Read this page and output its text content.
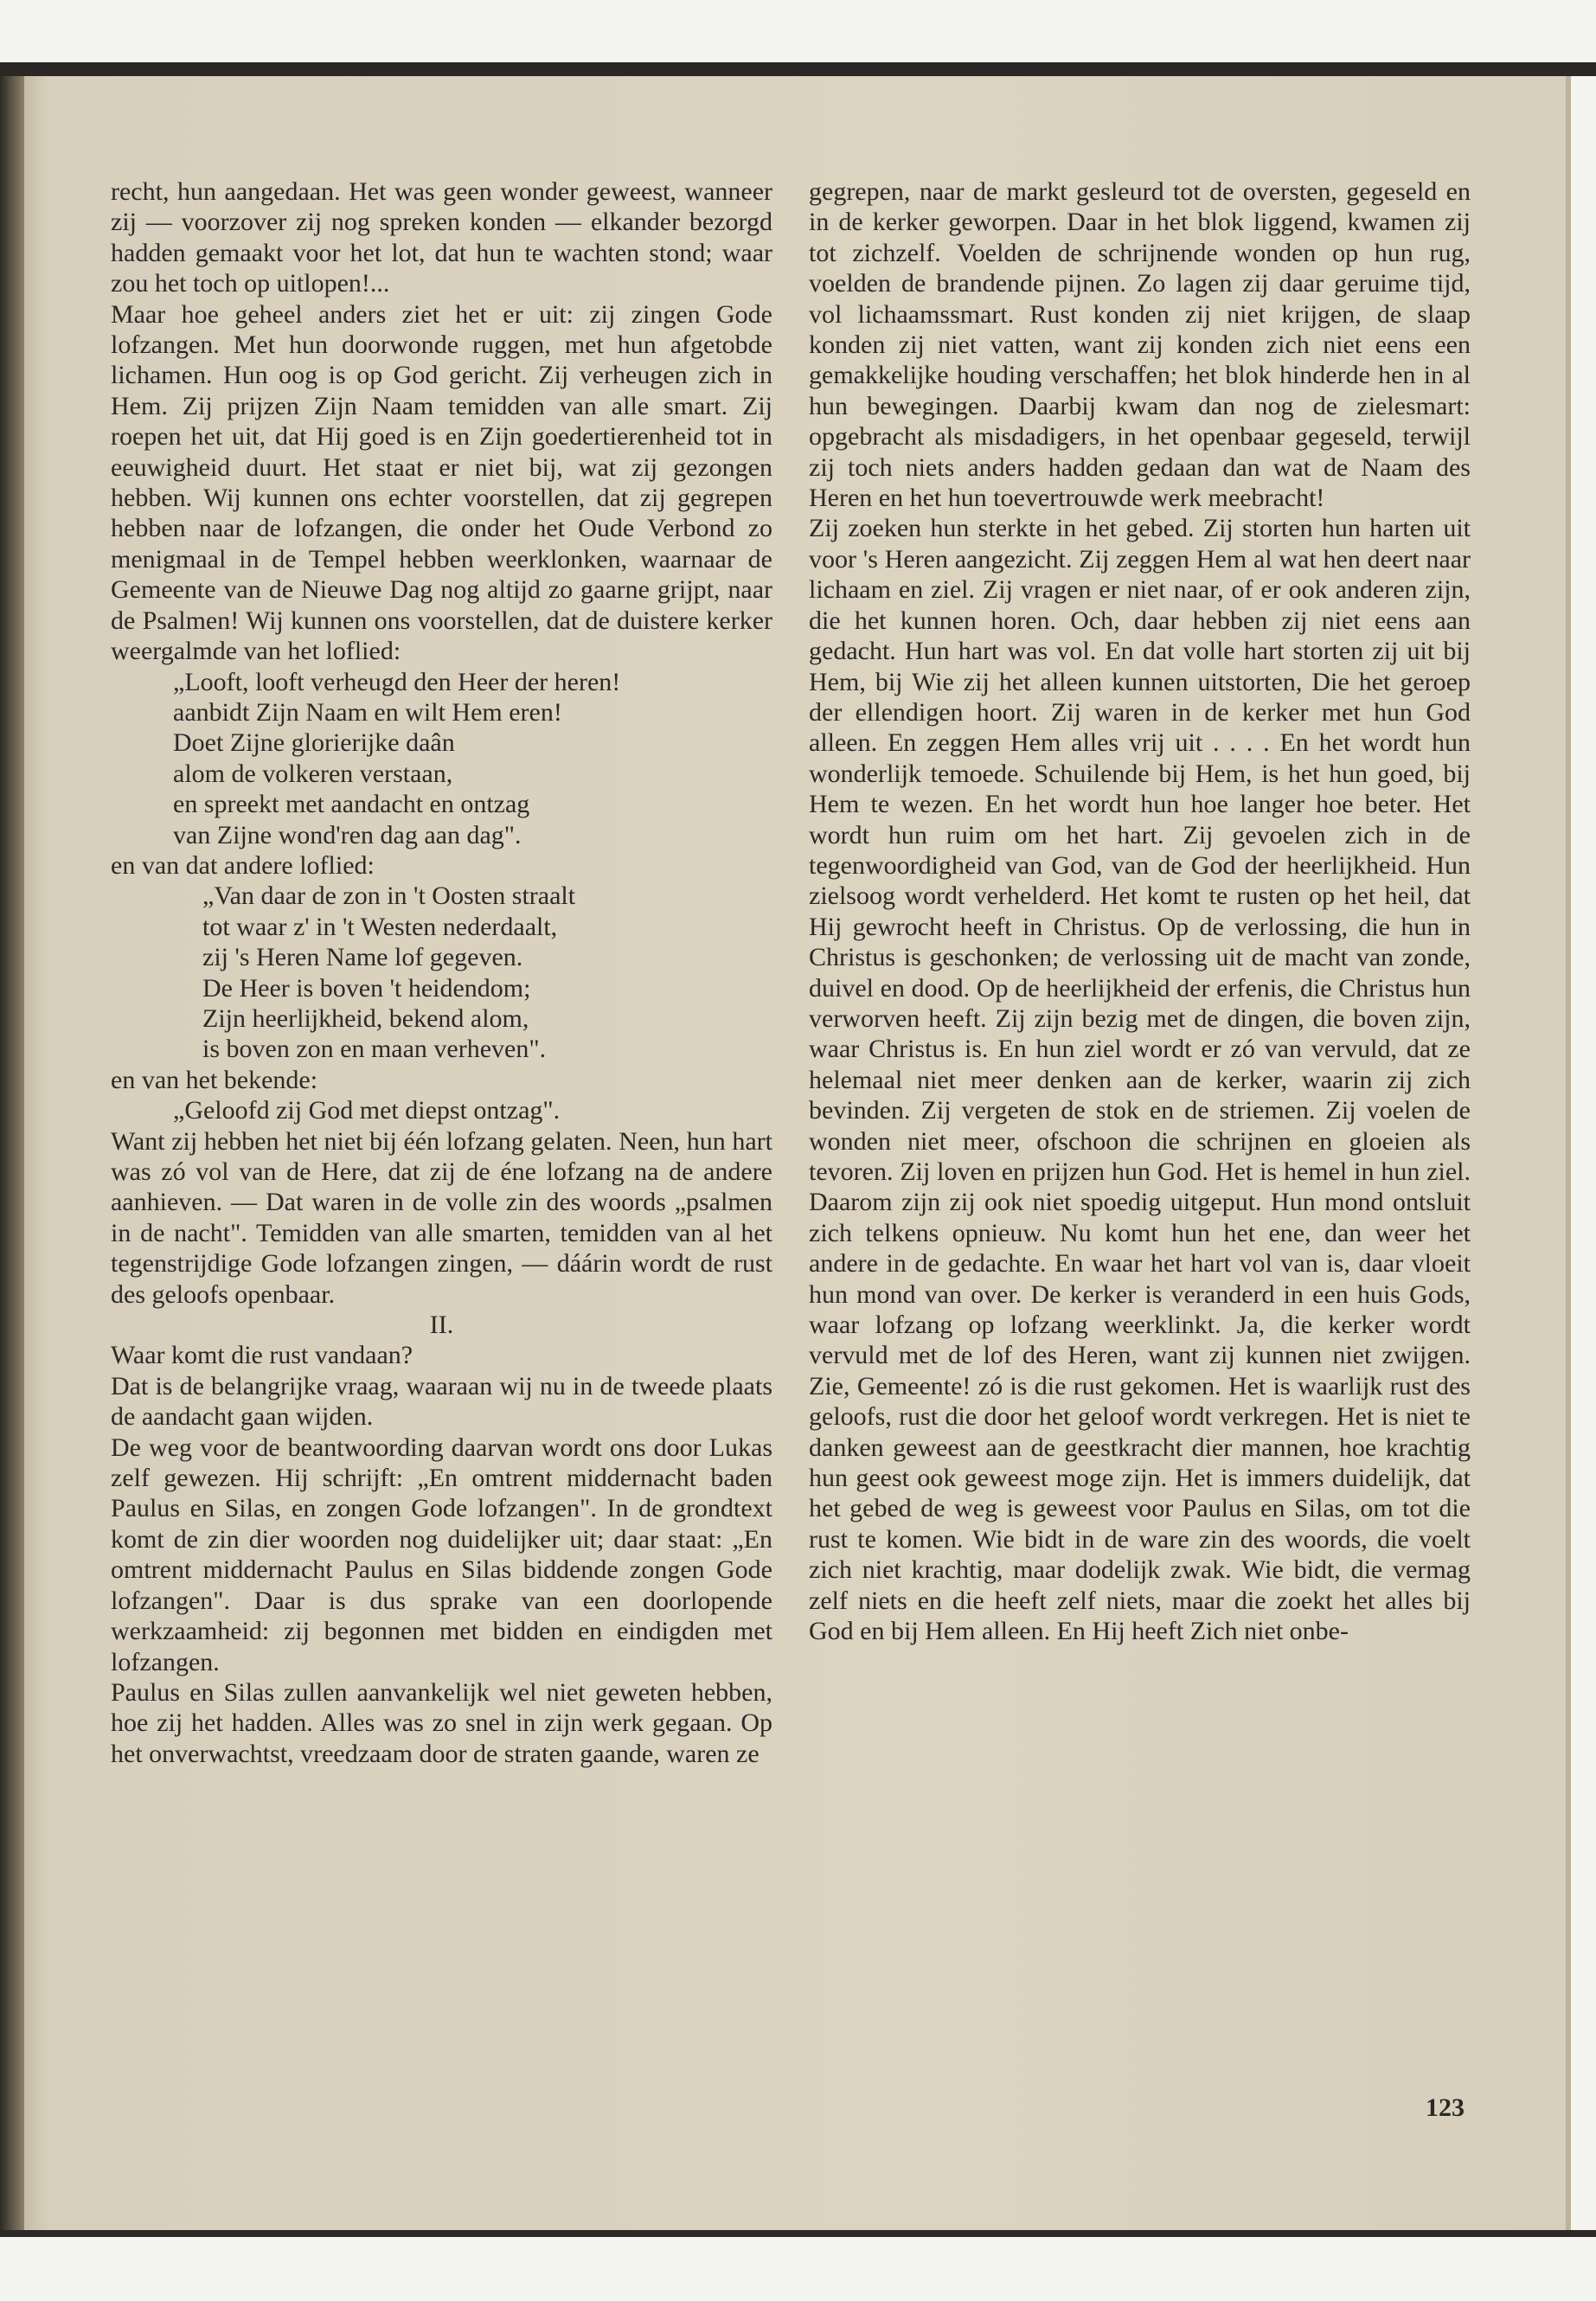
recht, hun aangedaan. Het was geen wonder geweest, wanneer zij — voorzover zij nog spreken konden — elkander bezorgd hadden gemaakt voor het lot, dat hun te wachten stond; waar zou het toch op uitlopen!...

Maar hoe geheel anders ziet het er uit: zij zingen Gode lofzangen. Met hun doorwonde ruggen, met hun afgetobde lichamen. Hun oog is op God gericht. Zij verheugen zich in Hem. Zij prijzen Zijn Naam temidden van alle smart. Zij roepen het uit, dat Hij goed is en Zijn goedertierenheid tot in eeuwigheid duurt. Het staat er niet bij, wat zij gezongen hebben. Wij kunnen ons echter voorstellen, dat zij gegrepen hebben naar de lofzangen, die onder het Oude Verbond zo menigmaal in de Tempel hebben weerklonken, waarnaar de Gemeente van de Nieuwe Dag nog altijd zo gaarne grijpt, naar de Psalmen! Wij kunnen ons voorstellen, dat de duistere kerker weergalmde van het loflied:

„Looft, looft verheugd den Heer der heren!
aanbidt Zijn Naam en wilt Hem eren!
Doet Zijne glorierijke daân
alom de volkeren verstaan,
en spreekt met aandacht en ontzag
van Zijne wond'ren dag aan dag".

en van dat andere loflied:

„Van daar de zon in 't Oosten straalt
tot waar z' in 't Westen nederdaalt,
zij 's Heren Name lof gegeven.
De Heer is boven 't heidendom;
Zijn heerlijkheid, bekend alom,
is boven zon en maan verheven".

en van het bekende:

„Geloofd zij God met diepst ontzag".

Want zij hebben het niet bij één lofzang gelaten. Neen, hun hart was zó vol van de Here, dat zij de éne lofzang na de andere aanhieven. — Dat waren in de volle zin des woords „psalmen in de nacht". Temidden van alle smarten, temidden van al het tegenstrijdige Gode lofzangen zingen, — dáárin wordt de rust des geloofs openbaar.

II.

Waar komt die rust vandaan?

Dat is de belangrijke vraag, waaraan wij nu in de tweede plaats de aandacht gaan wijden.

De weg voor de beantwoording daarvan wordt ons door Lukas zelf gewezen. Hij schrijft: „En omtrent middernacht baden Paulus en Silas, en zongen Gode lofzangen". In de grondtext komt de zin dier woorden nog duidelijker uit; daar staat: „En omtrent middernacht Paulus en Silas biddende zongen Gode lofzangen". Daar is dus sprake van een doorlopende werkzaamheid: zij begonnen met bidden en eindigden met lofzangen.

Paulus en Silas zullen aanvankelijk wel niet geweten hebben, hoe zij het hadden. Alles was zo snel in zijn werk gegaan. Op het onverwachtst, vreedzaam door de straten gaande, waren ze

gegrepen, naar de markt gesleurd tot de oversten, gegeseld en in de kerker geworpen. Daar in het blok liggend, kwamen zij tot zichzelf. Voelden de schrijnende wonden op hun rug, voelden de brandende pijnen. Zo lagen zij daar geruime tijd, vol lichaamssmart. Rust konden zij niet krijgen, de slaap konden zij niet vatten, want zij konden zich niet eens een gemakkelijke houding verschaffen; het blok hinderde hen in al hun bewegingen. Daarbij kwam dan nog de zielesmart: opgebracht als misdadigers, in het openbaar gegeseld, terwijl zij toch niets anders hadden gedaan dan wat de Naam des Heren en het hun toevertrouwde werk meebracht!

Zij zoeken hun sterkte in het gebed. Zij storten hun harten uit voor 's Heren aangezicht. Zij zeggen Hem al wat hen deert naar lichaam en ziel. Zij vragen er niet naar, of er ook anderen zijn, die het kunnen horen. Och, daar hebben zij niet eens aan gedacht. Hun hart was vol. En dat volle hart storten zij uit bij Hem, bij Wie zij het alleen kunnen uitstorten, Die het geroep der ellendigen hoort. Zij waren in de kerker met hun God alleen. En zeggen Hem alles vrij uit . . . . En het wordt hun wonderlijk temoede. Schuilende bij Hem, is het hun goed, bij Hem te wezen. En het wordt hun hoe langer hoe beter. Het wordt hun ruim om het hart. Zij gevoelen zich in de tegenwoordigheid van God, van de God der heerlijkheid. Hun zielsoog wordt verhelderd. Het komt te rusten op het heil, dat Hij gewrocht heeft in Christus. Op de verlossing, die hun in Christus is geschonken; de verlossing uit de macht van zonde, duivel en dood. Op de heerlijkheid der erfenis, die Christus hun verworven heeft. Zij zijn bezig met de dingen, die boven zijn, waar Christus is. En hun ziel wordt er zó van vervuld, dat ze helemaal niet meer denken aan de kerker, waarin zij zich bevinden. Zij vergeten de stok en de striemen. Zij voelen de wonden niet meer, ofschoon die schrijnen en gloeien als tevoren. Zij loven en prijzen hun God. Het is hemel in hun ziel. Daarom zijn zij ook niet spoedig uitgeput. Hun mond ontsluit zich telkens opnieuw. Nu komt hun het ene, dan weer het andere in de gedachte. En waar het hart vol van is, daar vloeit hun mond van over. De kerker is veranderd in een huis Gods, waar lofzang op lofzang weerklinkt. Ja, die kerker wordt vervuld met de lof des Heren, want zij kunnen niet zwijgen. Zie, Gemeente! zó is die rust gekomen. Het is waarlijk rust des geloofs, rust die door het geloof wordt verkregen. Het is niet te danken geweest aan de geestkracht dier mannen, hoe krachtig hun geest ook geweest moge zijn. Het is immers duidelijk, dat het gebed de weg is geweest voor Paulus en Silas, om tot die rust te komen. Wie bidt in de ware zin des woords, die voelt zich niet krachtig, maar dodelijk zwak. Wie bidt, die vermag zelf niets en die heeft zelf niets, maar die zoekt het alles bij God en bij Hem alleen. En Hij heeft Zich niet onbe-

123
